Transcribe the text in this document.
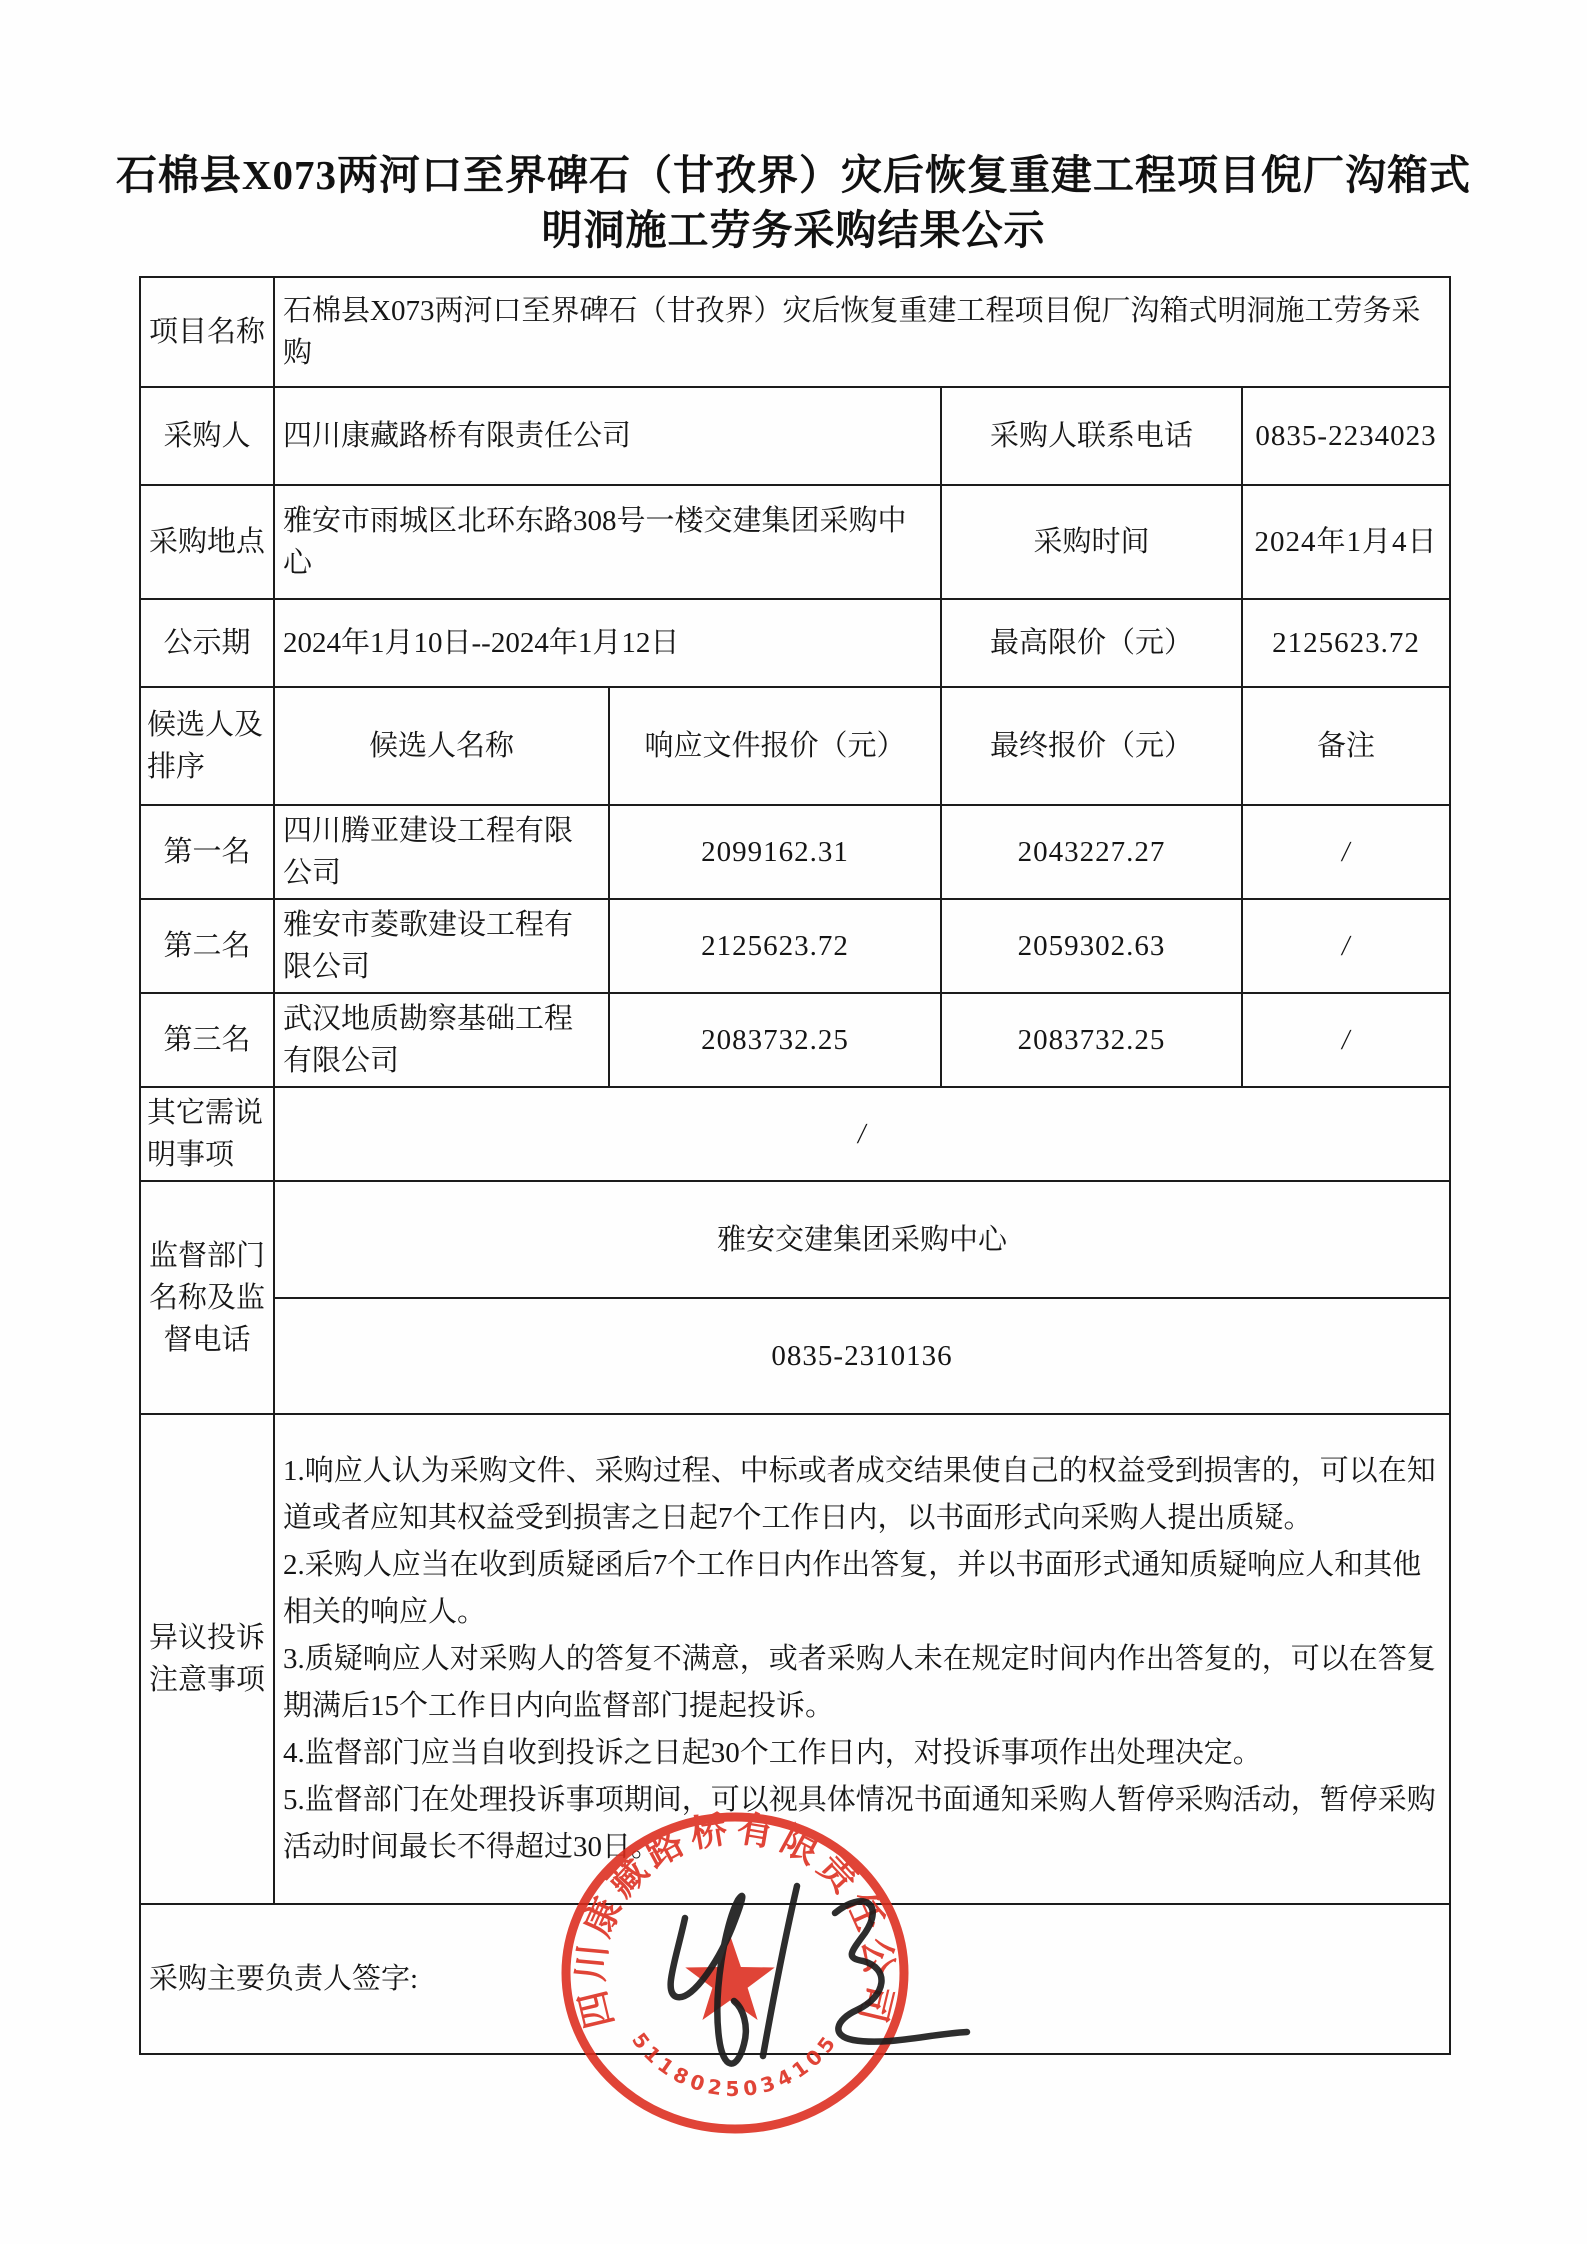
石棉县X073两河口至界碑石（甘孜界）灾后恢复重建工程项目倪厂沟箱式
明洞施工劳务采购结果公示
项目名称	石棉县X073两河口至界碑石（甘孜界）灾后恢复重建工程项目倪厂沟箱式明洞施工劳务采购			
采购人	四川康藏路桥有限责任公司		采购人联系电话	0835-2234023
采购地点	雅安市雨城区北环东路308号一楼交建集团采购中心		采购时间	2024年1月4日
公示期	2024年1月10日--2024年1月12日		最高限价（元）	2125623.72
候选人及排序	候选人名称	响应文件报价（元）	最终报价（元）	备注
第一名	四川腾亚建设工程有限公司	2099162.31	2043227.27	/
第二名	雅安市菱歌建设工程有限公司	2125623.72	2059302.63	/
第三名	武汉地质勘察基础工程有限公司	2083732.25	2083732.25	/
其它需说明事项	/			
监督部门名称及监督电话	雅安交建集团采购中心			
	0835-2310136			
异议投诉注意事项	1.响应人认为采购文件、采购过程、中标或者成交结果使自己的权益受到损害的，可以在知道或者应知其权益受到损害之日起7个工作日内，以书面形式向采购人提出质疑。

2.采购人应当在收到质疑函后7个工作日内作出答复，并以书面形式通知质疑响应人和其他相关的响应人。

3.质疑响应人对采购人的答复不满意，或者采购人未在规定时间内作出答复的，可以在答复期满后15个工作日内向监督部门提起投诉。

4.监督部门应当自收到投诉之日起30个工作日内，对投诉事项作出处理决定。

5.监督部门在处理投诉事项期间，可以视具体情况书面通知采购人暂停采购活动，暂停采购活动时间最长不得超过30日。			

采购主要负责人签字:				
四川康藏路桥有限责任公司
5118025034105
